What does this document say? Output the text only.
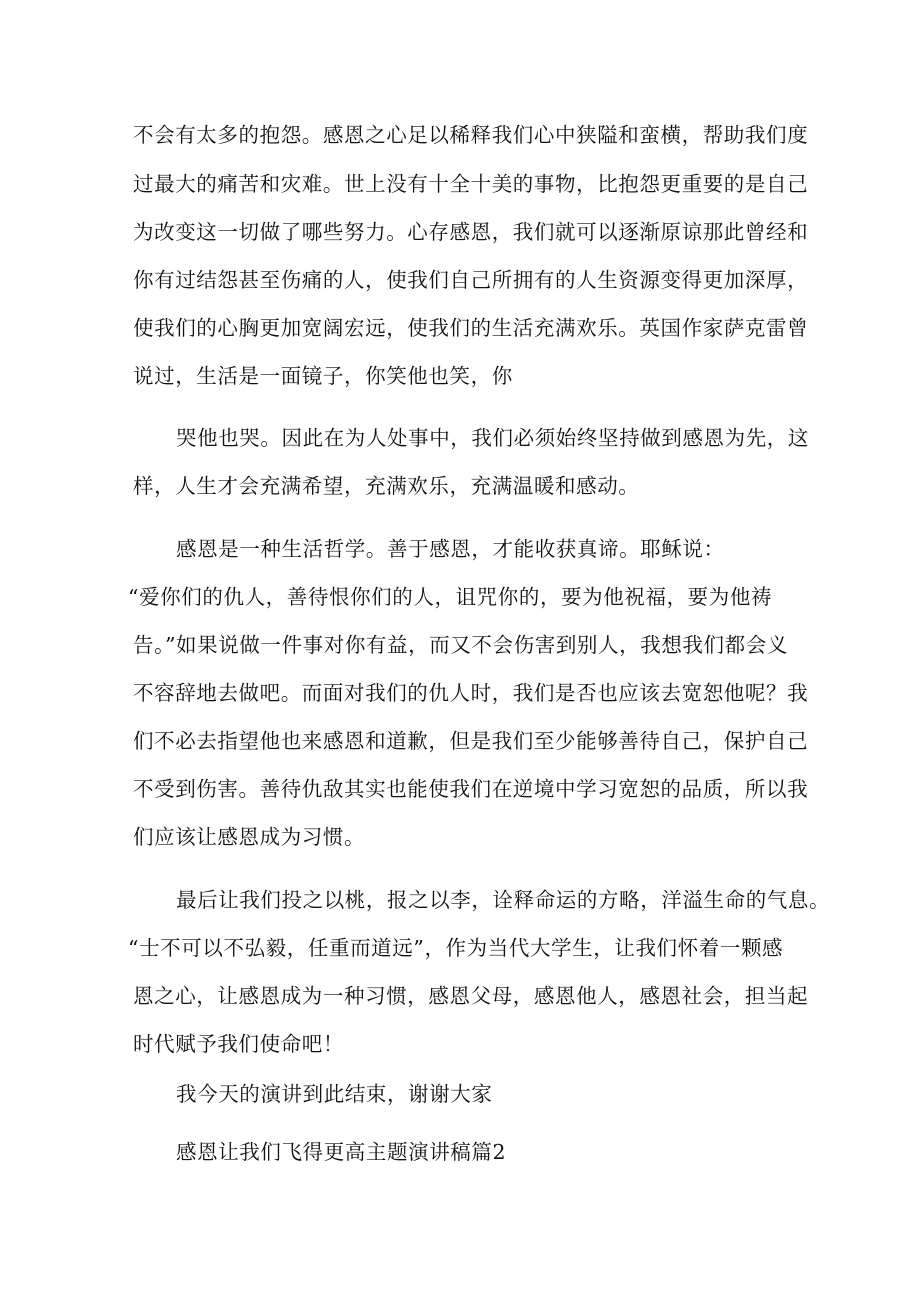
不会有太多的抱怨。感恩之心足以稀释我们心中狭隘和蛮横，帮助我们度
过最大的痛苦和灾难。世上没有十全十美的事物，比抱怨更重要的是自己
为改变这一切做了哪些努力。心存感恩，我们就可以逐渐原谅那此曾经和
你有过结怨甚至伤痛的人，使我们自己所拥有的人生资源变得更加深厚，
使我们的心胸更加宽阔宏远，使我们的生活充满欢乐。英国作家萨克雷曾
说过，生活是一面镜子，你笑他也笑，你
哭他也哭。因此在为人处事中，我们必须始终坚持做到感恩为先，这
样，人生才会充满希望，充满欢乐，充满温暖和感动。
感恩是一种生活哲学。善于感恩，才能收获真谛。耶稣说：
“爱你们的仇人，善待恨你们的人，诅咒你的，要为他祝福，要为他祷
告。”如果说做一件事对你有益，而又不会伤害到别人，我想我们都会义
不容辞地去做吧。而面对我们的仇人时，我们是否也应该去宽恕他呢？我
们不必去指望他也来感恩和道歉，但是我们至少能够善待自己，保护自己
不受到伤害。善待仇敌其实也能使我们在逆境中学习宽恕的品质，所以我
们应该让感恩成为习惯。
最后让我们投之以桃，报之以李，诠释命运的方略，洋溢生命的气息。
“士不可以不弘毅，任重而道远”，作为当代大学生，让我们怀着一颗感
恩之心，让感恩成为一种习惯，感恩父母，感恩他人，感恩社会，担当起
时代赋予我们使命吧！
我今天的演讲到此结束，谢谢大家
感恩让我们飞得更高主题演讲稿篇2
